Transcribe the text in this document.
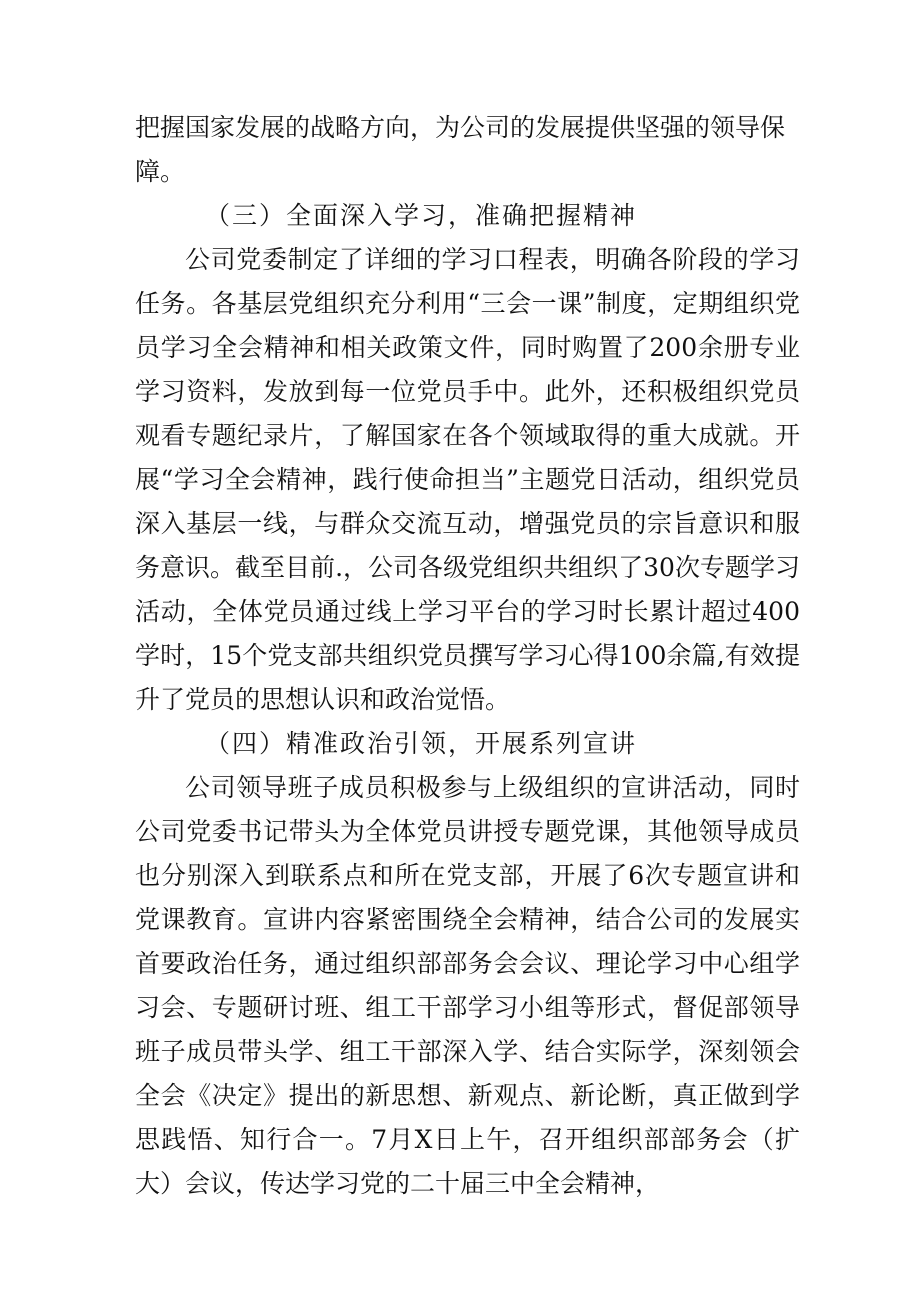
把握国家发展的战略方向，为公司的发展提供坚强的领导保障。

（三）全面深入学习，准确把握精神

公司党委制定了详细的学习口程表，明确各阶段的学习任务。各基层党组织充分利用“三会一课”制度，定期组织党员学习全会精神和相关政策文件，同时购置了200余册专业学习资料，发放到每一位党员手中。此外，还积极组织党员观看专题纪录片，了解国家在各个领域取得的重大成就。开展“学习全会精神，践行使命担当”主题党日活动，组织党员深入基层一线，与群众交流互动，增强党员的宗旨意识和服务意识。截至目前.，公司各级党组织共组织了30次专题学习活动，全体党员通过线上学习平台的学习时长累计超过400学时，15个党支部共组织党员撰写学习心得100余篇,有效提升了党员的思想认识和政治觉悟。

（四）精准政治引领，开展系列宣讲

公司领导班子成员积极参与上级组织的宣讲活动，同时公司党委书记带头为全体党员讲授专题党课，其他领导成员也分别深入到联系点和所在党支部，开展了6次专题宣讲和党课教育。宣讲内容紧密围绕全会精神，结合公司的发展实首要政治任务，通过组织部部务会会议、理论学习中心组学习会、专题研讨班、组工干部学习小组等形式，督促部领导班子成员带头学、组工干部深入学、结合实际学，深刻领会全会《决定》提出的新思想、新观点、新论断，真正做到学思践悟、知行合一。7月X日上午，召开组织部部务会（扩大）会议，传达学习党的二十届三中全会精神，
